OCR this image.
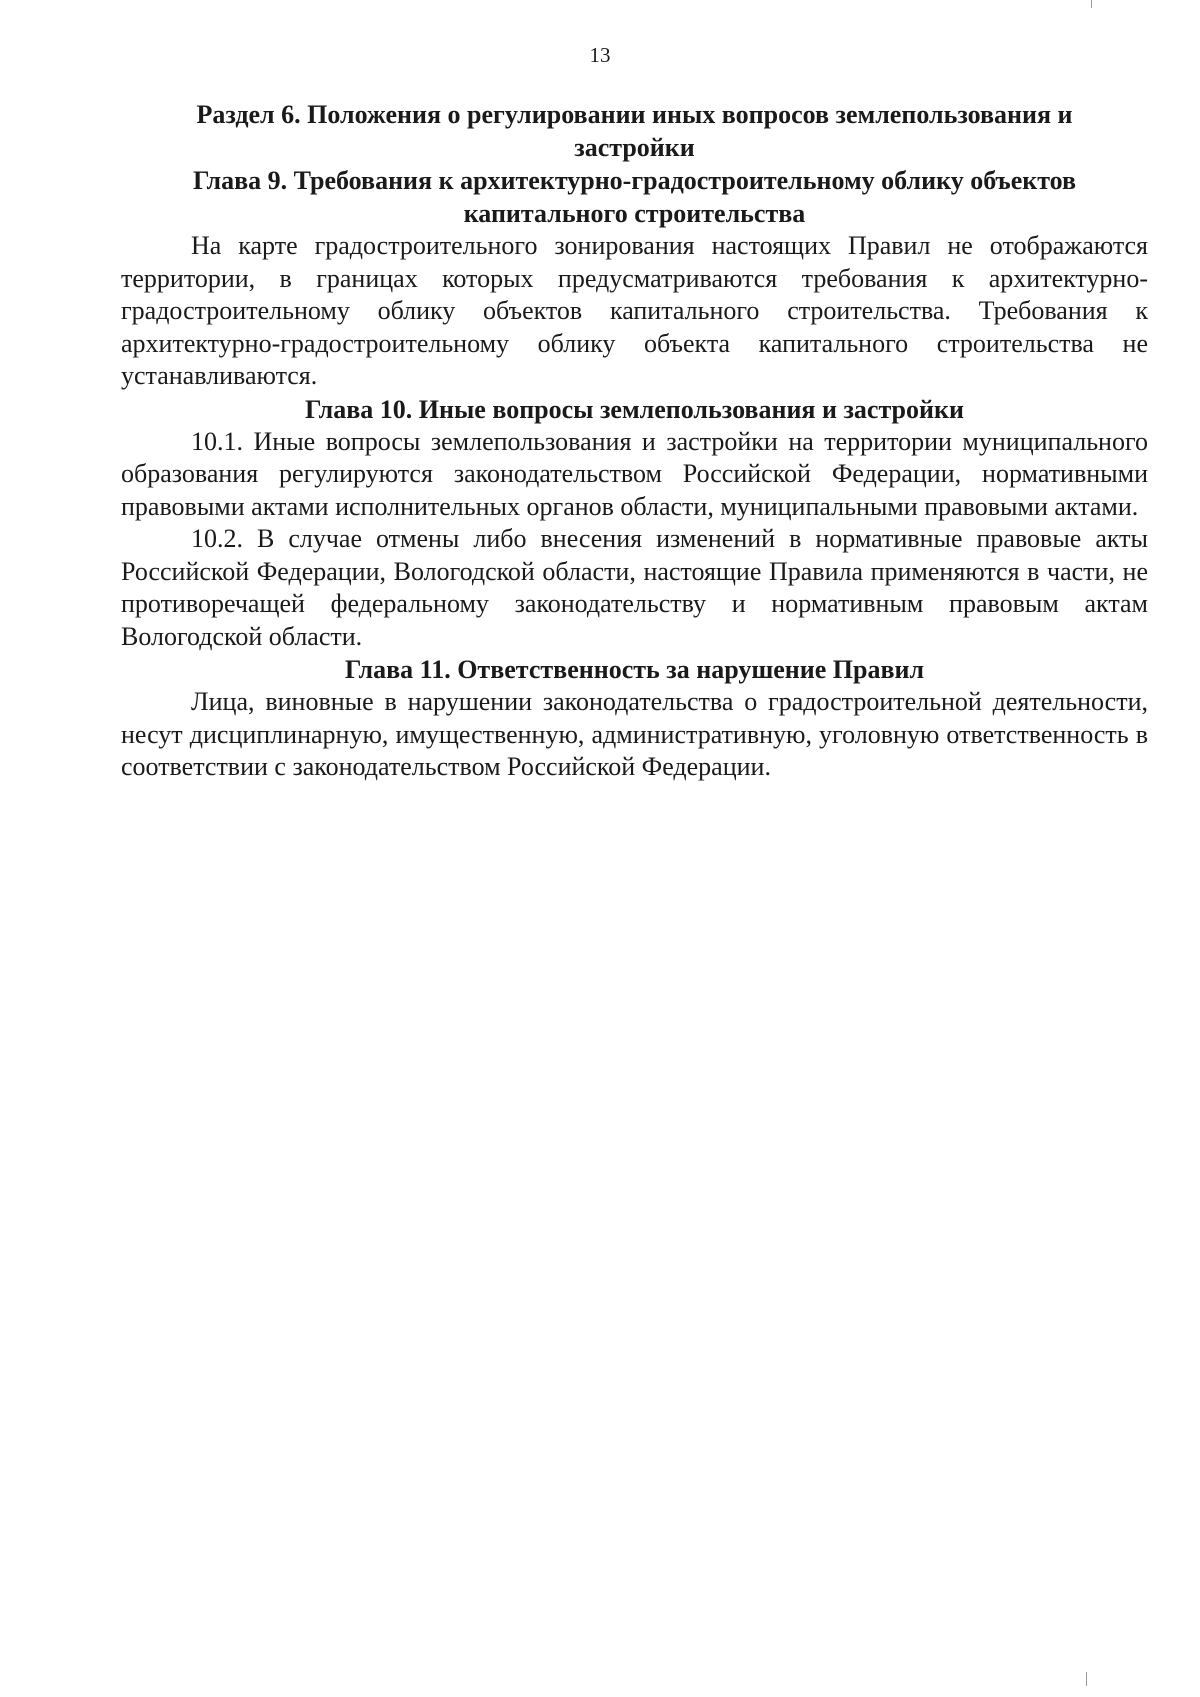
13

Раздел 6. Положения о регулировании иных вопросов землепользования и застройки
Глава 9. Требования к архитектурно-градостроительному облику объектов капитального строительства

На карте градостроительного зонирования настоящих Правил не отображаются территории, в границах которых предусматриваются требования к архитектурно-градостроительному облику объектов капитального строительства. Требования к архитектурно-градостроительному облику объекта капитального строительства не устанавливаются.

Глава 10. Иные вопросы землепользования и застройки

10.1. Иные вопросы землепользования и застройки на территории муниципального образования регулируются законодательством Российской Федерации, нормативными правовыми актами исполнительных органов области, муниципальными правовыми актами.

10.2. В случае отмены либо внесения изменений в нормативные правовые акты Российской Федерации, Вологодской области, настоящие Правила применяются в части, не противоречащей федеральному законодательству и нормативным правовым актам Вологодской области.

Глава 11. Ответственность за нарушение Правил

Лица, виновные в нарушении законодательства о градостроительной деятельности, несут дисциплинарную, имущественную, административную, уголовную ответственность в соответствии с законодательством Российской Федерации.
